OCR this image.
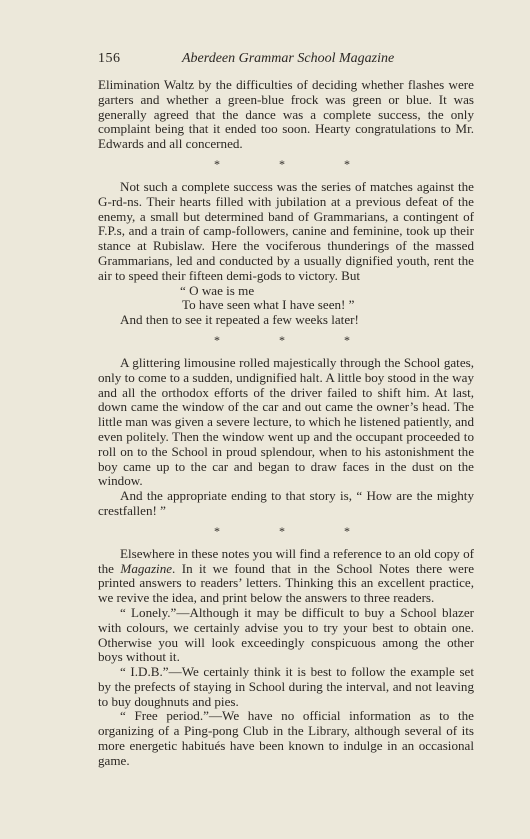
156	Aberdeen Grammar School Magazine

Elimination Waltz by the difficulties of deciding whether flashes were garters and whether a green-blue frock was green or blue. It was generally agreed that the dance was a complete success, the only complaint being that it ended too soon. Hearty congratulations to Mr. Edwards and all concerned.

* * *

Not such a complete success was the series of matches against the G-rd-ns. Their hearts filled with jubilation at a previous defeat of the enemy, a small but determined band of Grammarians, a contingent of F.P.s, and a train of camp-followers, canine and feminine, took up their stance at Rubislaw. Here the vociferous thunderings of the massed Grammarians, led and conducted by a usually dignified youth, rent the air to speed their fifteen demi-gods to victory. But

“ O wae is me
To have seen what I have seen! ”

And then to see it repeated a few weeks later!

* * *

A glittering limousine rolled majestically through the School gates, only to come to a sudden, undignified halt. A little boy stood in the way and all the orthodox efforts of the driver failed to shift him. At last, down came the window of the car and out came the owner’s head. The little man was given a severe lecture, to which he listened patiently, and even politely. Then the window went up and the occupant proceeded to roll on to the School in proud splendour, when to his astonishment the boy came up to the car and began to draw faces in the dust on the window.

And the appropriate ending to that story is, “ How are the mighty crestfallen! ”

* * *

Elsewhere in these notes you will find a reference to an old copy of the Magazine. In it we found that in the School Notes there were printed answers to readers’ letters. Thinking this an excellent practice, we revive the idea, and print below the answers to three readers.

“ Lonely.”—Although it may be difficult to buy a School blazer with colours, we certainly advise you to try your best to obtain one. Otherwise you will look exceedingly conspicuous among the other boys without it.

“ I.D.B.”—We certainly think it is best to follow the example set by the prefects of staying in School during the interval, and not leaving to buy doughnuts and pies.

“ Free period.”—We have no official information as to the organizing of a Ping-pong Club in the Library, although several of its more energetic habitués have been known to indulge in an occasional game.
